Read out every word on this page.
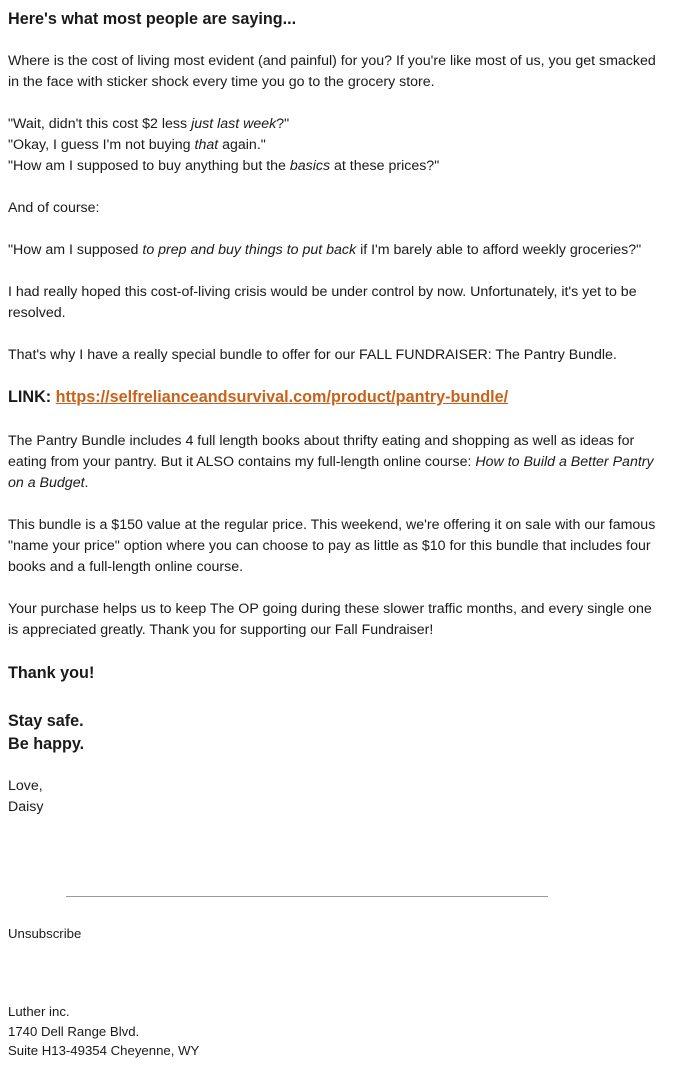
Here's what most people are saying...
Where is the cost of living most evident (and painful) for you? If you're like most of us, you get smacked
in the face with sticker shock every time you go to the grocery store.
"Wait, didn't this cost $2 less just last week?"
"Okay, I guess I'm not buying that again."
"How am I supposed to buy anything but the basics at these prices?"
And of course:
"How am I supposed to prep and buy things to put back if I'm barely able to afford weekly groceries?"
I had really hoped this cost-of-living crisis would be under control by now. Unfortunately, it's yet to be
resolved.
That's why I have a really special bundle to offer for our FALL FUNDRAISER: The Pantry Bundle.
LINK: https://selfrelianceandsurvival.com/product/pantry-bundle/
The Pantry Bundle includes 4 full length books about thrifty eating and shopping as well as ideas for
eating from your pantry. But it ALSO contains my full-length online course: How to Build a Better Pantry
on a Budget.
This bundle is a $150 value at the regular price. This weekend, we're offering it on sale with our famous
"name your price" option where you can choose to pay as little as $10 for this bundle that includes four
books and a full-length online course.
Your purchase helps us to keep The OP going during these slower traffic months, and every single one
is appreciated greatly. Thank you for supporting our Fall Fundraiser!
Thank you!
Stay safe.
Be happy.
Love,
Daisy
Unsubscribe
Luther inc.
1740 Dell Range Blvd.
Suite H13-49354 Cheyenne, WY
